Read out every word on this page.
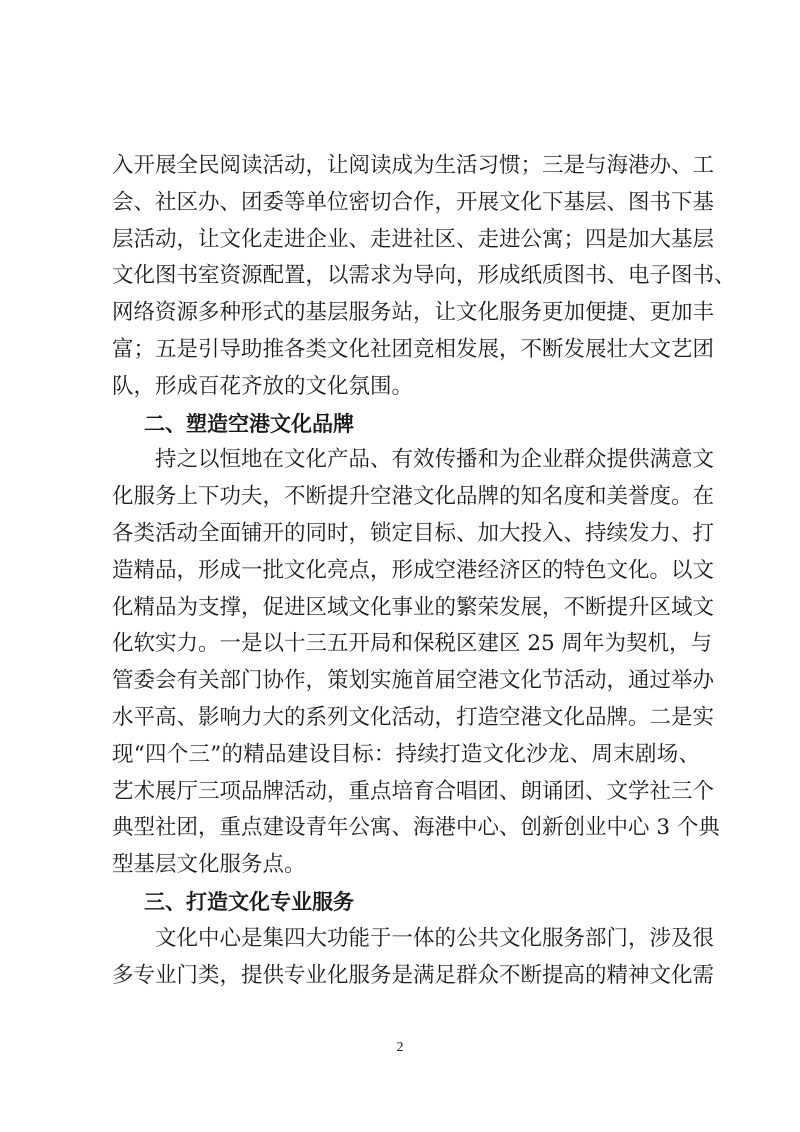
入开展全民阅读活动，让阅读成为生活习惯；三是与海港办、工
会、社区办、团委等单位密切合作，开展文化下基层、图书下基
层活动，让文化走进企业、走进社区、走进公寓；四是加大基层
文化图书室资源配置，以需求为导向，形成纸质图书、电子图书、
网络资源多种形式的基层服务站，让文化服务更加便捷、更加丰
富；五是引导助推各类文化社团竞相发展，不断发展壮大文艺团
队，形成百花齐放的文化氛围。
二、塑造空港文化品牌
持之以恒地在文化产品、有效传播和为企业群众提供满意文
化服务上下功夫，不断提升空港文化品牌的知名度和美誉度。在
各类活动全面铺开的同时，锁定目标、加大投入、持续发力、打
造精品，形成一批文化亮点，形成空港经济区的特色文化。以文
化精品为支撑，促进区域文化事业的繁荣发展，不断提升区域文
化软实力。一是以十三五开局和保税区建区 25 周年为契机，与
管委会有关部门协作，策划实施首届空港文化节活动，通过举办
水平高、影响力大的系列文化活动，打造空港文化品牌。二是实
现“四个三”的精品建设目标：持续打造文化沙龙、周末剧场、
艺术展厅三项品牌活动，重点培育合唱团、朗诵团、文学社三个
典型社团，重点建设青年公寓、海港中心、创新创业中心 3 个典
型基层文化服务点。
三、打造文化专业服务
文化中心是集四大功能于一体的公共文化服务部门，涉及很
多专业门类，提供专业化服务是满足群众不断提高的精神文化需
2
